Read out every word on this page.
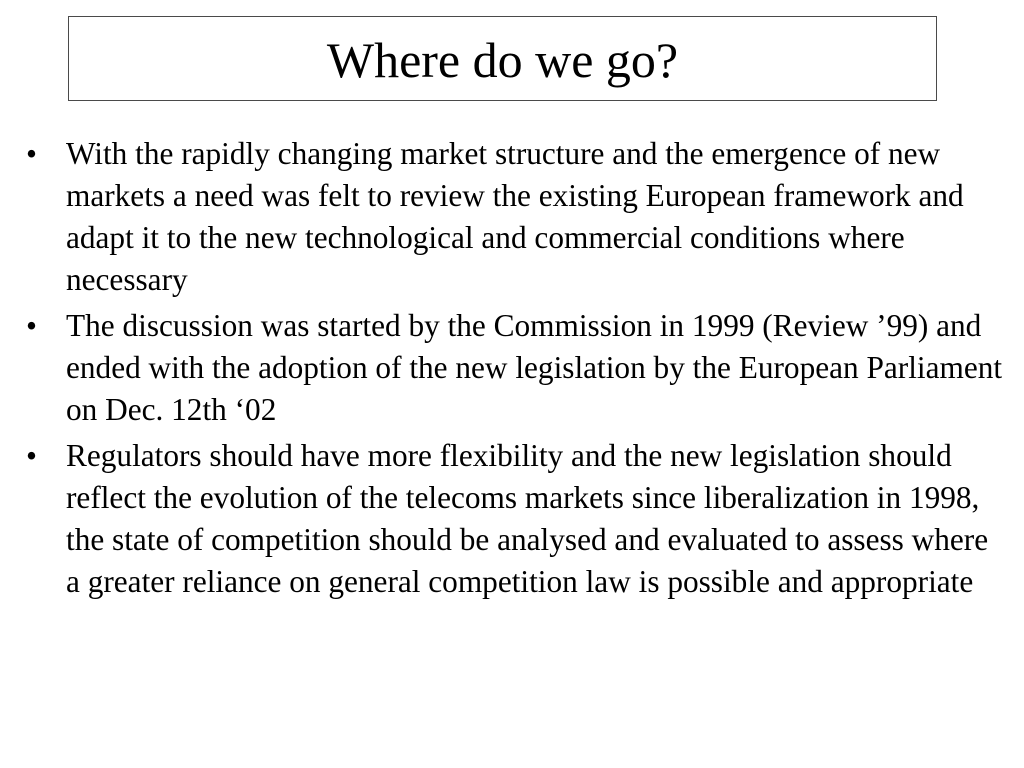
Where do we go?
• With the rapidly changing market structure and the emergence of new markets a need was felt to review the existing European framework and adapt it to the new technological and commercial conditions where necessary
• The discussion was started by the Commission in 1999 (Review ’99) and ended with the adoption of the new legislation by the European Parliament on Dec. 12th ‘02
• Regulators should have more flexibility and the new legislation should reflect the evolution of the telecoms markets since liberalization in 1998, the state of competition should be analysed and evaluated to assess where a greater reliance on general competition law is possible and appropriate
